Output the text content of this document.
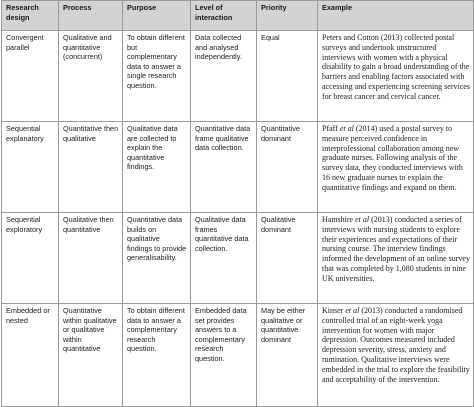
Research design	Process	Purpose	Level of interaction	Priority	Example
Convergent parallel	Qualitative and quantitative (concurrent)	To obtain different but complementary data to answer a single research question.	Data collected and analysed independently.	Equal	Peters and Cotton (2013) collected postal surveys and undertook unstructured interviews with women with a physical disability to gain a broad understanding of the barriers and enabling factors associated with accessing and experiencing screening services for breast cancer and cervical cancer.
Sequential explanatory	Quantitative then qualitative	Qualitative data are collected to explain the quantitative findings.	Quantitative data frame qualitative data collection.	Quantitative dominant	Pfaff et al (2014) used a postal survey to measure perceived confidence in interprofessional collaboration among new graduate nurses. Following analysis of the survey data, they conducted interviews with 16 new graduate nurses to explain the quantitative findings and expand on them.
Sequential exploratory	Qualitative then quantitative	Quantitative data builds on qualitative findings to provide generalisability.	Qualitative data frames quantitative data collection.	Qualitative dominant	Hamshire et al (2013) conducted a series of interviews with nursing students to explore their experiences and expectations of their nursing course. The interview findings informed the development of an online survey that was completed by 1,080 students in nine UK universities.
Embedded or nested	Quantitative within qualitative or qualitative within quantitative	To obtain different data to answer a complementary research question.	Embedded data set provides answers to a complementary research question.	May be either qualitative or quantitative dominant	Kinser et al (2013) conducted a randomised controlled trial of an eight-week yoga intervention for women with major depression. Outcomes measured included depression severity, stress, anxiety and rumination. Qualitative interviews were embedded in the trial to explore the feasibility and acceptability of the intervention.
